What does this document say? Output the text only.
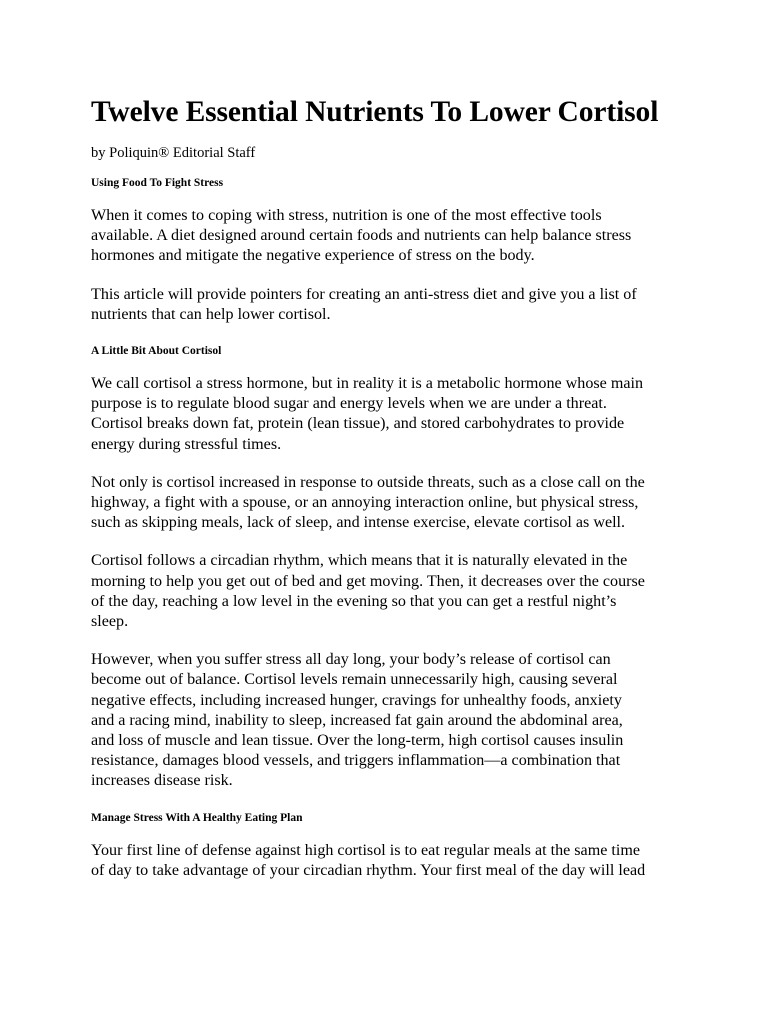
Twelve Essential Nutrients To Lower Cortisol
by Poliquin® Editorial Staff
Using Food To Fight Stress

When it comes to coping with stress, nutrition is one of the most effective tools
available. A diet designed around certain foods and nutrients can help balance stress
hormones and mitigate the negative experience of stress on the body.

This article will provide pointers for creating an anti-stress diet and give you a list of
nutrients that can help lower cortisol.

A Little Bit About Cortisol

We call cortisol a stress hormone, but in reality it is a metabolic hormone whose main
purpose is to regulate blood sugar and energy levels when we are under a threat.
Cortisol breaks down fat, protein (lean tissue), and stored carbohydrates to provide
energy during stressful times.

Not only is cortisol increased in response to outside threats, such as a close call on the
highway, a fight with a spouse, or an annoying interaction online, but physical stress,
such as skipping meals, lack of sleep, and intense exercise, elevate cortisol as well.

Cortisol follows a circadian rhythm, which means that it is naturally elevated in the
morning to help you get out of bed and get moving. Then, it decreases over the course
of the day, reaching a low level in the evening so that you can get a restful night’s
sleep.

However, when you suffer stress all day long, your body’s release of cortisol can
become out of balance. Cortisol levels remain unnecessarily high, causing several
negative effects, including increased hunger, cravings for unhealthy foods, anxiety
and a racing mind, inability to sleep, increased fat gain around the abdominal area,
and loss of muscle and lean tissue. Over the long-term, high cortisol causes insulin
resistance, damages blood vessels, and triggers inflammation—a combination that
increases disease risk.

Manage Stress With A Healthy Eating Plan

Your first line of defense against high cortisol is to eat regular meals at the same time
of day to take advantage of your circadian rhythm. Your first meal of the day will lead
